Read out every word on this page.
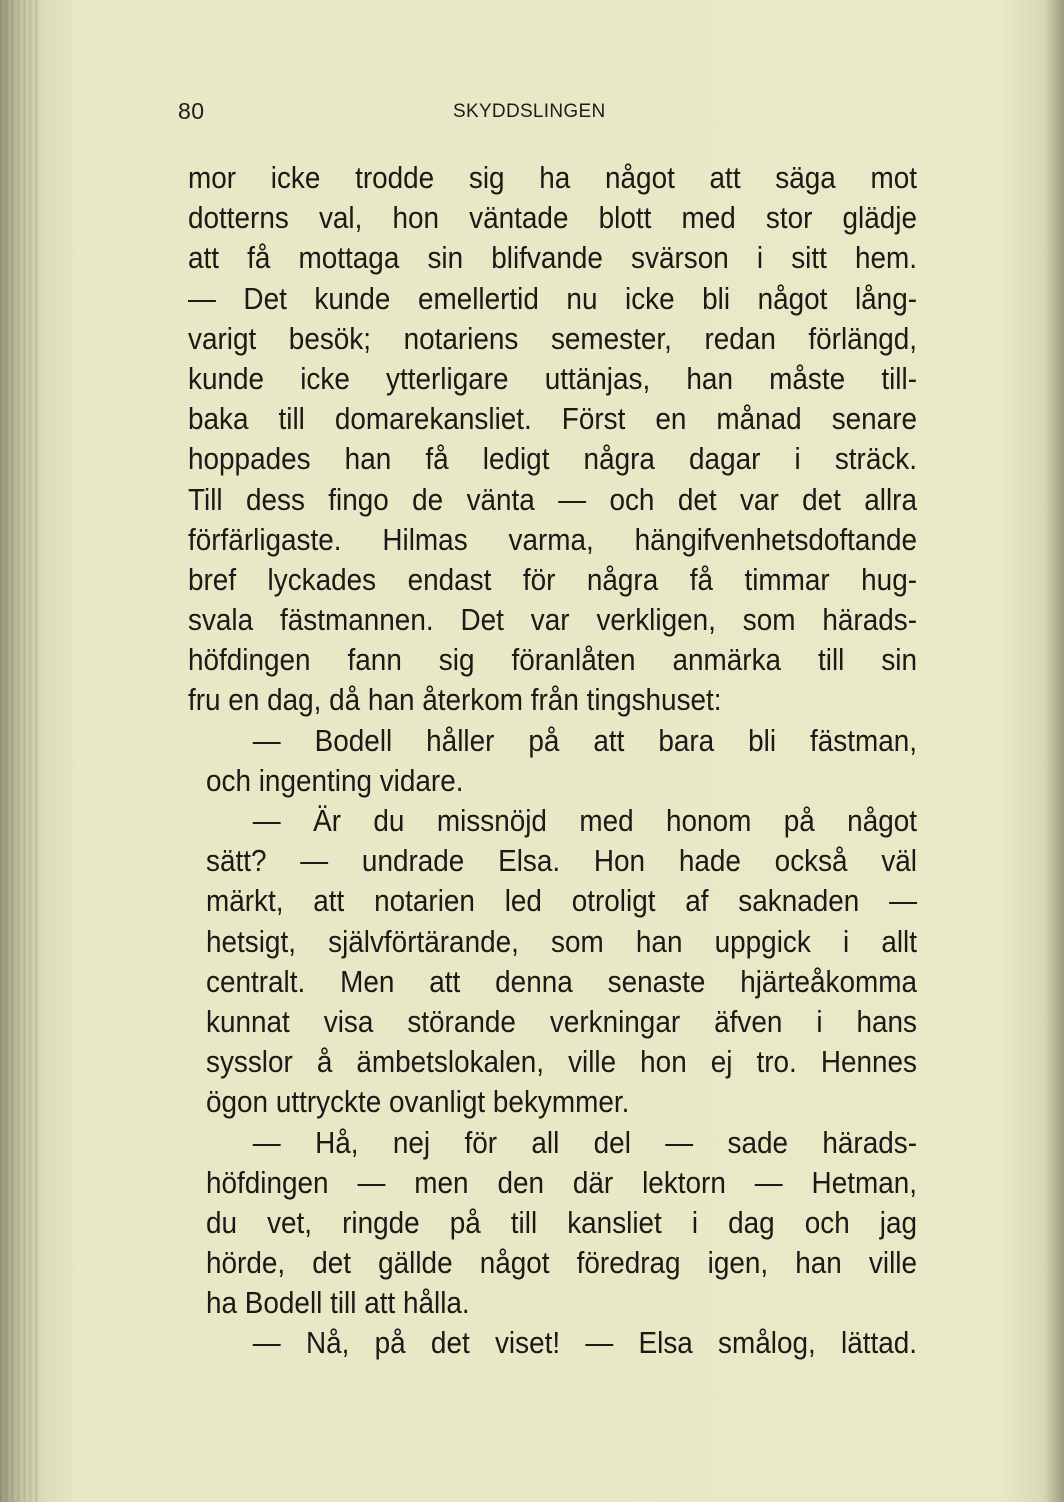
80	SKYDDSLINGEN
mor icke trodde sig ha något att säga mot
dotterns val, hon väntade blott med stor glädje
att få mottaga sin blifvande svärson i sitt hem.
— Det kunde emellertid nu icke bli något lång-
varigt besök; notariens semester, redan förlängd,
kunde icke ytterligare uttänjas, han måste till-
baka till domarekansliet. Först en månad senare
hoppades han få ledigt några dagar i sträck.
Till dess fingo de vänta — och det var det allra
förfärligaste. Hilmas varma, hängifvenhetsdoftande
bref lyckades endast för några få timmar hug-
svala fästmannen. Det var verkligen, som härads-
höfdingen fann sig föranlåten anmärka till sin
fru en dag, då han återkom från tingshuset:
— Bodell håller på att bara bli fästman,
och ingenting vidare.
— Är du missnöjd med honom på något
sätt? — undrade Elsa. Hon hade också väl
märkt, att notarien led otroligt af saknaden —
hetsigt, självförtärande, som han uppgick i allt
centralt. Men att denna senaste hjärteåkomma
kunnat visa störande verkningar äfven i hans
sysslor å ämbetslokalen, ville hon ej tro. Hennes
ögon uttryckte ovanligt bekymmer.
— Hå, nej för all del — sade härads-
höfdingen — men den där lektorn — Hetman,
du vet, ringde på till kansliet i dag och jag
hörde, det gällde något föredrag igen, han ville
ha Bodell till att hålla.
— Nå, på det viset! — Elsa smålog, lättad.
